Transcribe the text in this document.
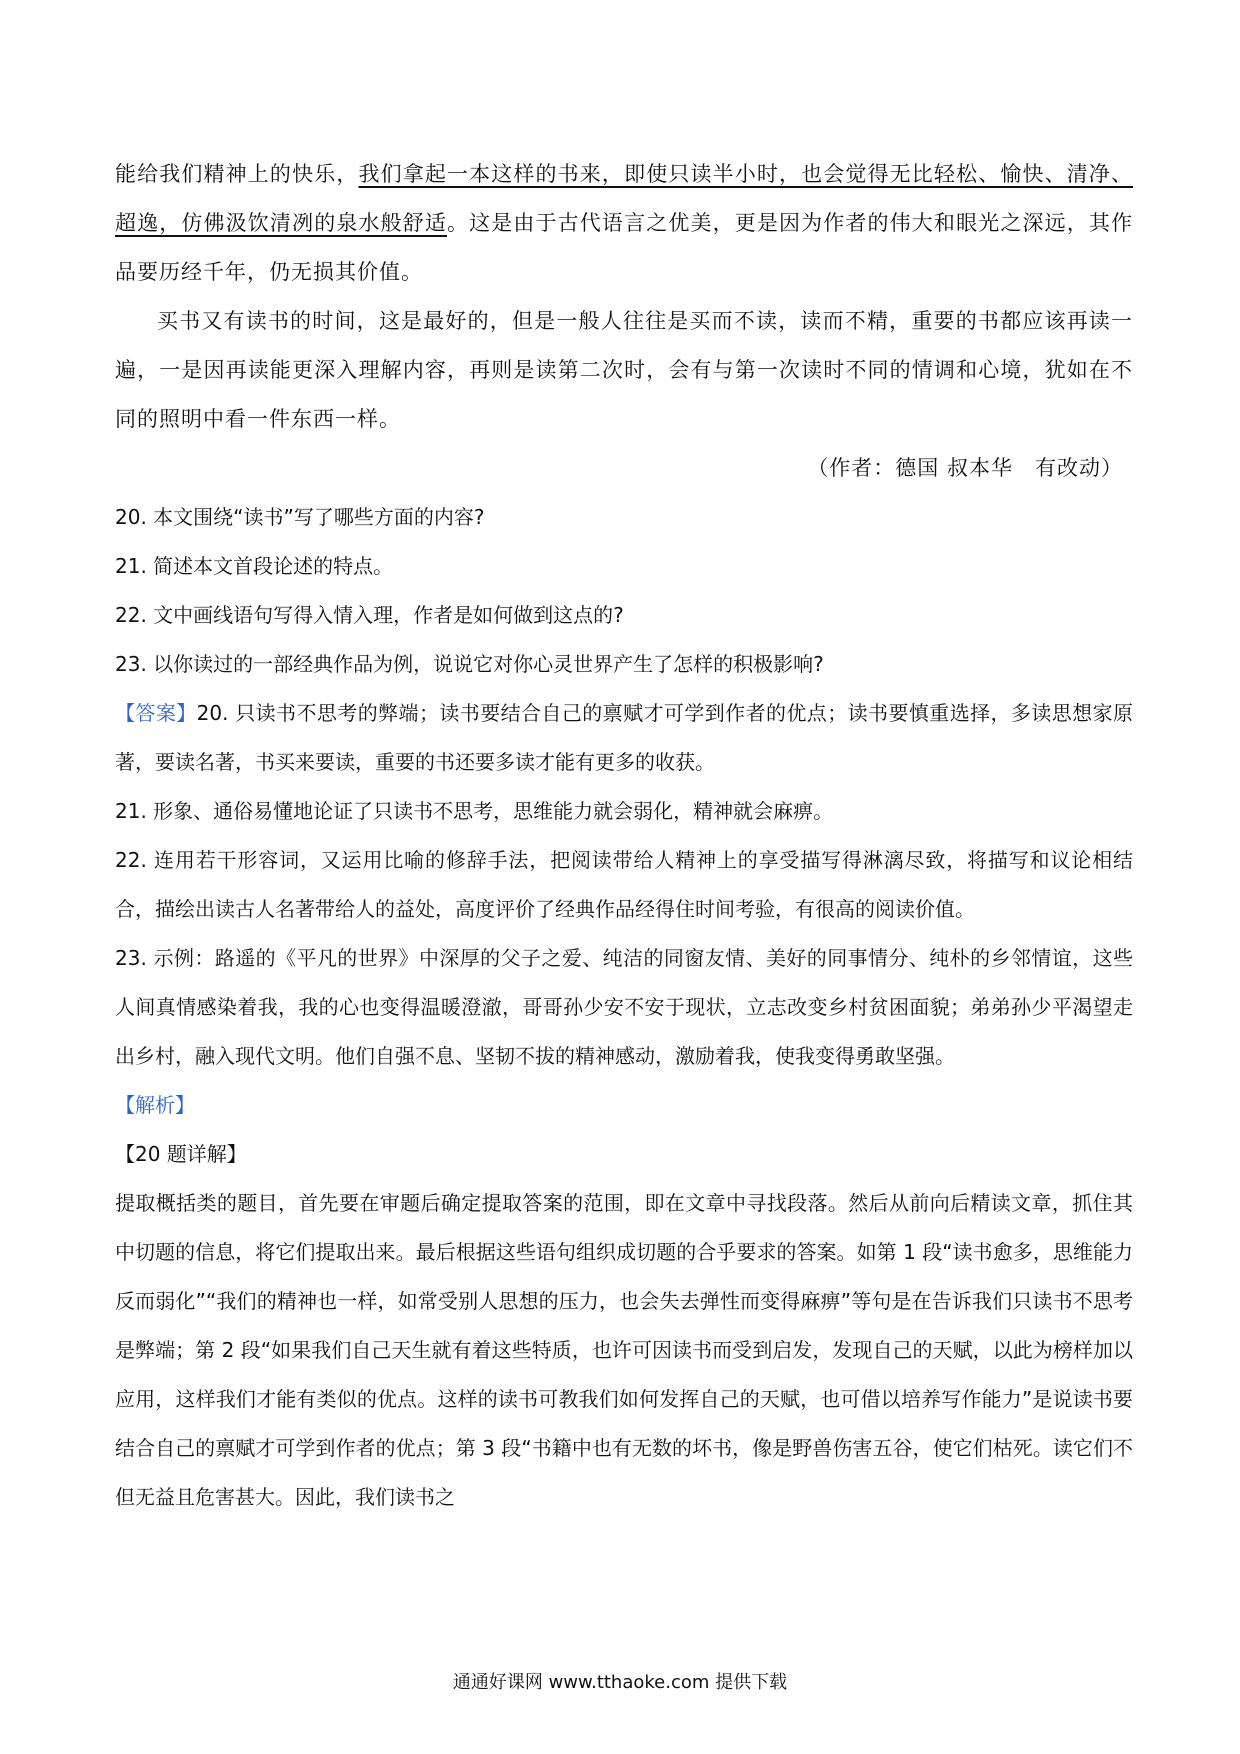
能给我们精神上的快乐，我们拿起一本这样的书来，即使只读半小时，也会觉得无比轻松、愉快、清净、超逸，仿佛汲饮清冽的泉水般舒适。这是由于古代语言之优美，更是因为作者的伟大和眼光之深远，其作品要历经千年，仍无损其价值。

买书又有读书的时间，这是最好的，但是一般人往往是买而不读，读而不精，重要的书都应该再读一遍，一是因再读能更深入理解内容，再则是读第二次时，会有与第一次读时不同的情调和心境，犹如在不同的照明中看一件东西一样。

（作者：德国 叔本华　有改动）

20. 本文围绕“读书”写了哪些方面的内容?

21. 简述本文首段论述的特点。

22. 文中画线语句写得入情入理，作者是如何做到这点的?

23. 以你读过的一部经典作品为例，说说它对你心灵世界产生了怎样的积极影响?

【答案】20. 只读书不思考的弊端；读书要结合自己的禀赋才可学到作者的优点；读书要慎重选择，多读思想家原著，要读名著，书买来要读，重要的书还要多读才能有更多的收获。

21. 形象、通俗易懂地论证了只读书不思考，思维能力就会弱化，精神就会麻痹。

22. 连用若干形容词，又运用比喻的修辞手法，把阅读带给人精神上的享受描写得淋漓尽致，将描写和议论相结合，描绘出读古人名著带给人的益处，高度评价了经典作品经得住时间考验，有很高的阅读价值。

23. 示例：路遥的《平凡的世界》中深厚的父子之爱、纯洁的同窗友情、美好的同事情分、纯朴的乡邻情谊，这些人间真情感染着我，我的心也变得温暖澄澈，哥哥孙少安不安于现状，立志改变乡村贫困面貌；弟弟孙少平渴望走出乡村，融入现代文明。他们自强不息、坚韧不拔的精神感动，激励着我，使我变得勇敢坚强。

【解析】

【20 题详解】

提取概括类的题目，首先要在审题后确定提取答案的范围，即在文章中寻找段落。然后从前向后精读文章，抓住其中切题的信息，将它们提取出来。最后根据这些语句组织成切题的合乎要求的答案。如第 1 段“读书愈多，思维能力反而弱化”“我们的精神也一样，如常受别人思想的压力，也会失去弹性而变得麻痹”等句是在告诉我们只读书不思考是弊端；第 2 段“如果我们自己天生就有着这些特质，也许可因读书而受到启发，发现自己的天赋，以此为榜样加以应用，这样我们才能有类似的优点。这样的读书可教我们如何发挥自己的天赋，也可借以培养写作能力”是说读书要结合自己的禀赋才可学到作者的优点；第 3 段“书籍中也有无数的坏书，像是野兽伤害五谷，使它们枯死。读它们不但无益且危害甚大。因此，我们读书之

通通好课网 www.tthaoke.com 提供下载
